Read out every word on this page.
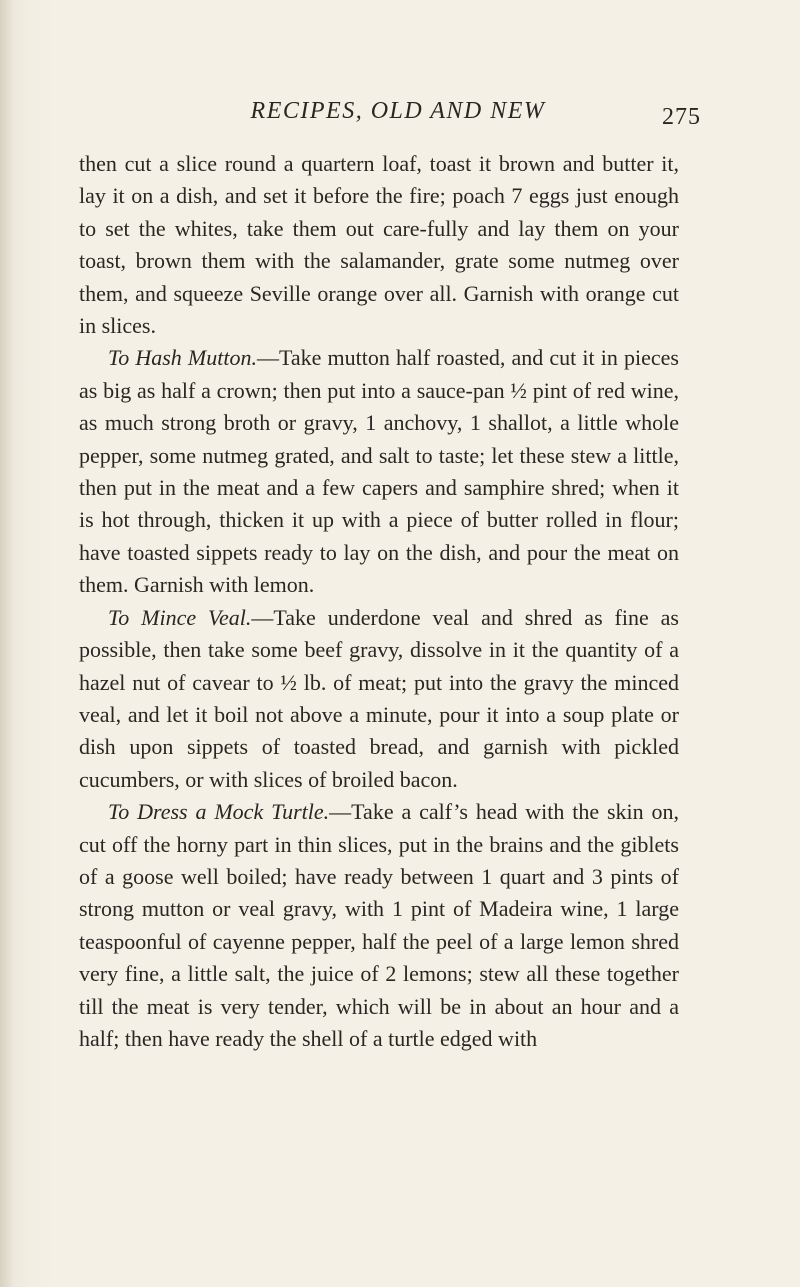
RECIPES, OLD AND NEW	275

then cut a slice round a quartern loaf, toast it brown and butter it, lay it on a dish, and set it before the fire; poach 7 eggs just enough to set the whites, take them out care-fully and lay them on your toast, brown them with the salamander, grate some nutmeg over them, and squeeze Seville orange over all. Garnish with orange cut in slices.

To Hash Mutton.—Take mutton half roasted, and cut it in pieces as big as half a crown; then put into a sauce-pan ½ pint of red wine, as much strong broth or gravy, 1 anchovy, 1 shallot, a little whole pepper, some nutmeg grated, and salt to taste; let these stew a little, then put in the meat and a few capers and samphire shred; when it is hot through, thicken it up with a piece of butter rolled in flour; have toasted sippets ready to lay on the dish, and pour the meat on them. Garnish with lemon.

To Mince Veal.—Take underdone veal and shred as fine as possible, then take some beef gravy, dissolve in it the quantity of a hazel nut of cavear to ½ lb. of meat; put into the gravy the minced veal, and let it boil not above a minute, pour it into a soup plate or dish upon sippets of toasted bread, and garnish with pickled cucumbers, or with slices of broiled bacon.

To Dress a Mock Turtle.—Take a calf’s head with the skin on, cut off the horny part in thin slices, put in the brains and the giblets of a goose well boiled; have ready between 1 quart and 3 pints of strong mutton or veal gravy, with 1 pint of Madeira wine, 1 large teaspoonful of cayenne pepper, half the peel of a large lemon shred very fine, a little salt, the juice of 2 lemons; stew all these together till the meat is very tender, which will be in about an hour and a half; then have ready the shell of a turtle edged with
